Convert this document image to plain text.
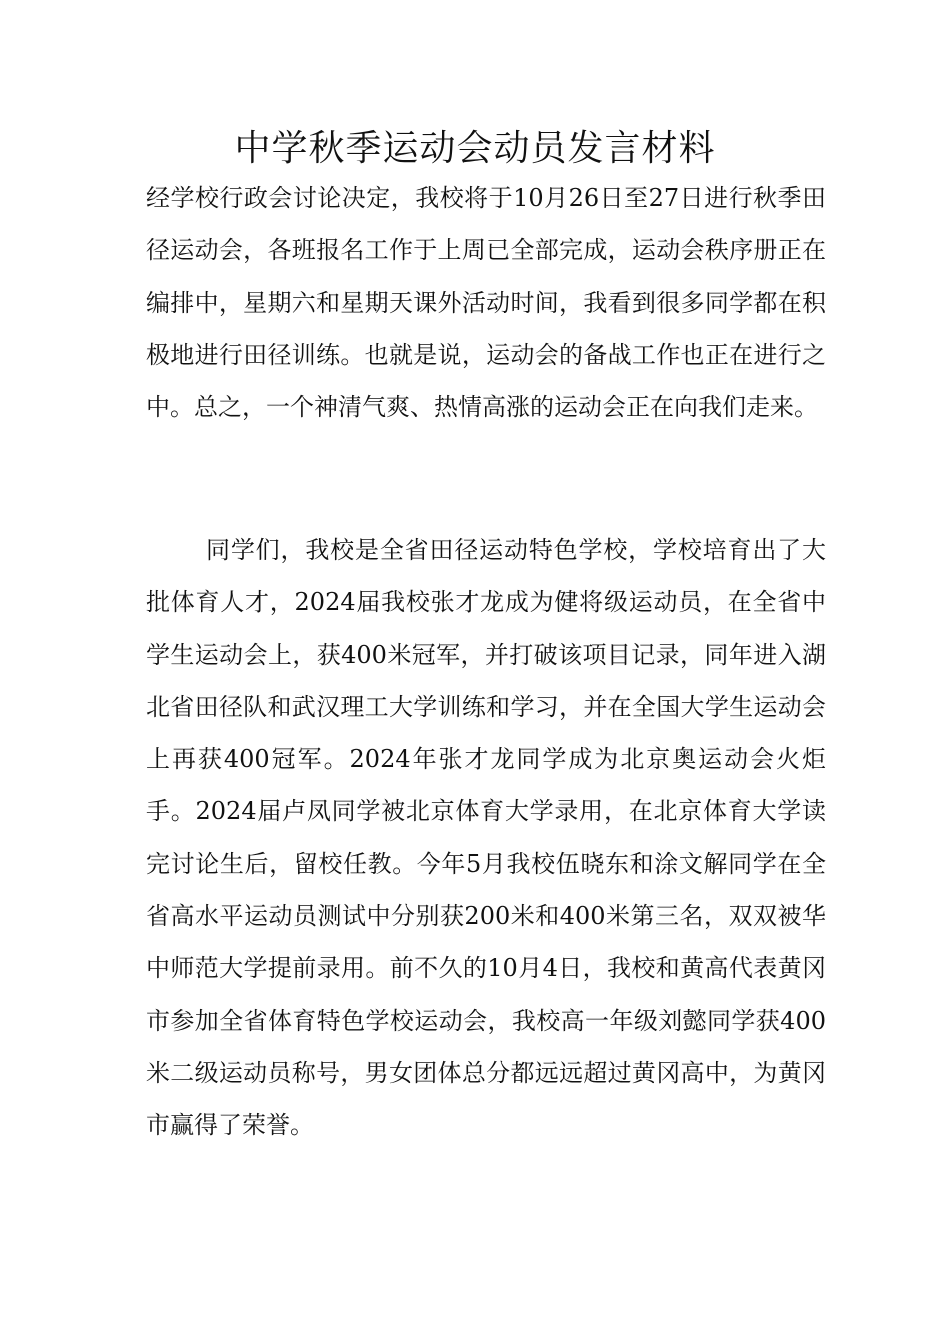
中学秋季运动会动员发言材料

经学校行政会讨论决定，我校将于10月26日至27日进行秋季田径运动会，各班报名工作于上周已全部完成，运动会秩序册正在编排中，星期六和星期天课外活动时间，我看到很多同学都在积极地进行田径训练。也就是说，运动会的备战工作也正在进行之中。总之，一个神清气爽、热情高涨的运动会正在向我们走来。

同学们，我校是全省田径运动特色学校，学校培育出了大批体育人才，2024届我校张才龙成为健将级运动员，在全省中学生运动会上，获400米冠军，并打破该项目记录，同年进入湖北省田径队和武汉理工大学训练和学习，并在全国大学生运动会上再获400冠军。2024年张才龙同学成为北京奥运动会火炬手。2024届卢凤同学被北京体育大学录用，在北京体育大学读完讨论生后，留校任教。今年5月我校伍晓东和涂文解同学在全省高水平运动员测试中分别获200米和400米第三名，双双被华中师范大学提前录用。前不久的10月4日，我校和黄高代表黄冈市参加全省体育特色学校运动会，我校高一年级刘懿同学获400米二级运动员称号，男女团体总分都远远超过黄冈高中，为黄冈市赢得了荣誉。
